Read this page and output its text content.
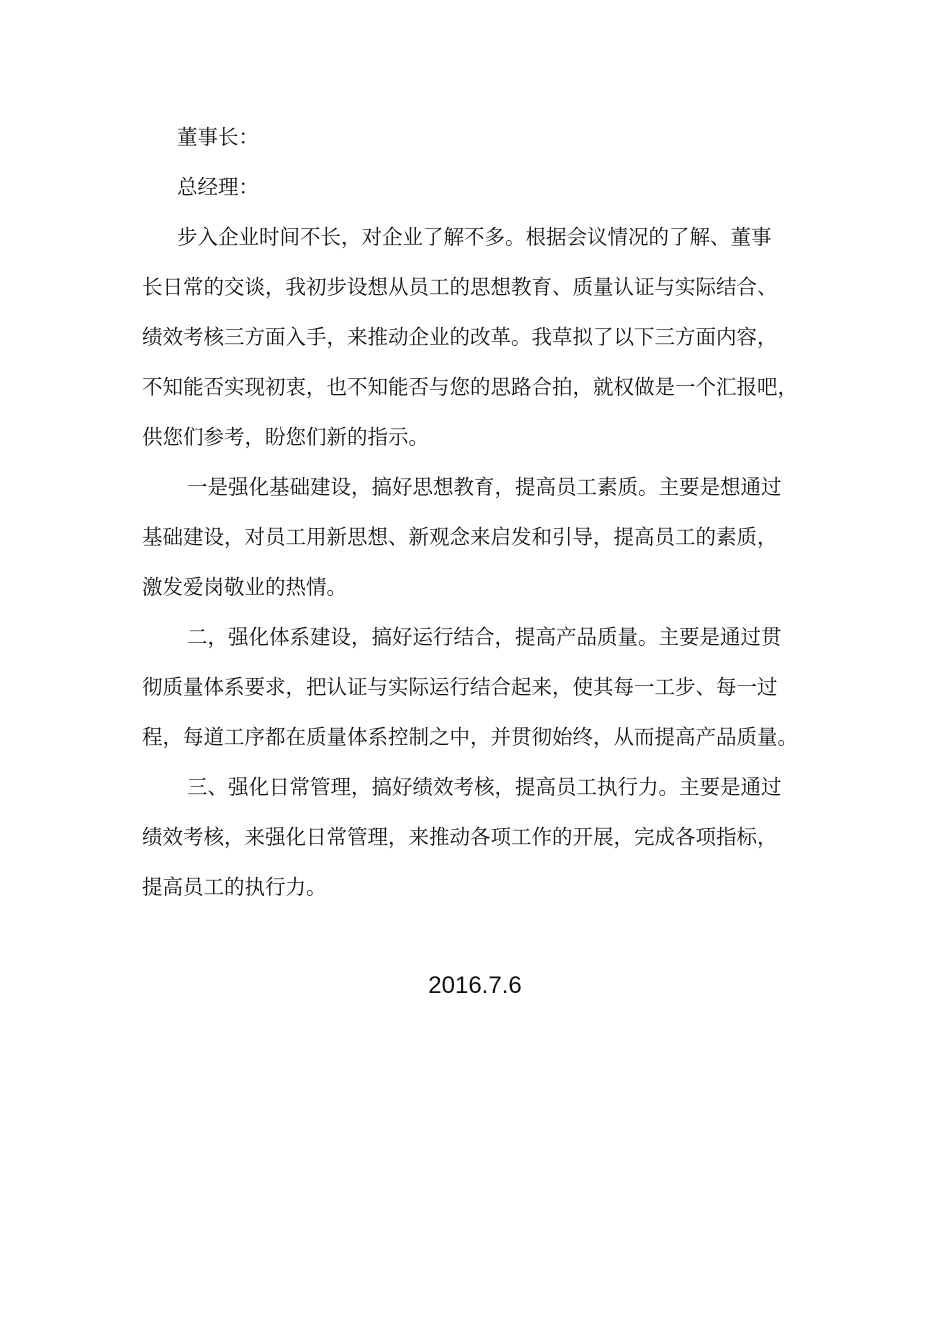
董事长：
总经理：
步入企业时间不长，对企业了解不多。根据会议情况的了解、董事
长日常的交谈，我初步设想从员工的思想教育、质量认证与实际结合、
绩效考核三方面入手，来推动企业的改革。我草拟了以下三方面内容，
不知能否实现初衷，也不知能否与您的思路合拍，就权做是一个汇报吧，
供您们参考，盼您们新的指示。
一是强化基础建设，搞好思想教育，提高员工素质。主要是想通过
基础建设，对员工用新思想、新观念来启发和引导，提高员工的素质，
激发爱岗敬业的热情。
二，强化体系建设，搞好运行结合，提高产品质量。主要是通过贯
彻质量体系要求，把认证与实际运行结合起来，使其每一工步、每一过
程，每道工序都在质量体系控制之中，并贯彻始终，从而提高产品质量。
三、强化日常管理，搞好绩效考核，提高员工执行力。主要是通过
绩效考核，来强化日常管理，来推动各项工作的开展，完成各项指标，
提高员工的执行力。
2016.7.6
